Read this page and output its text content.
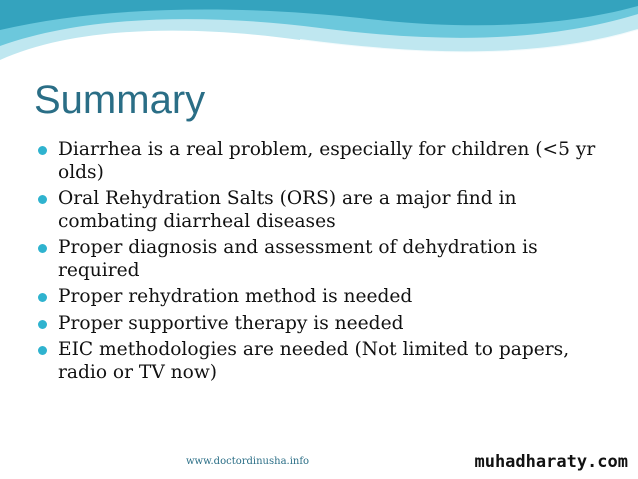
Summary
Diarrhea is a real problem, especially for children (<5 yr olds)
Oral Rehydration Salts (ORS) are a major find in combating diarrheal diseases
Proper diagnosis and assessment of dehydration is required
Proper rehydration method is needed
Proper supportive therapy is needed
EIC methodologies are needed (Not limited to papers, radio or TV now)
www.doctordinusha.info	muhadharaty.com
